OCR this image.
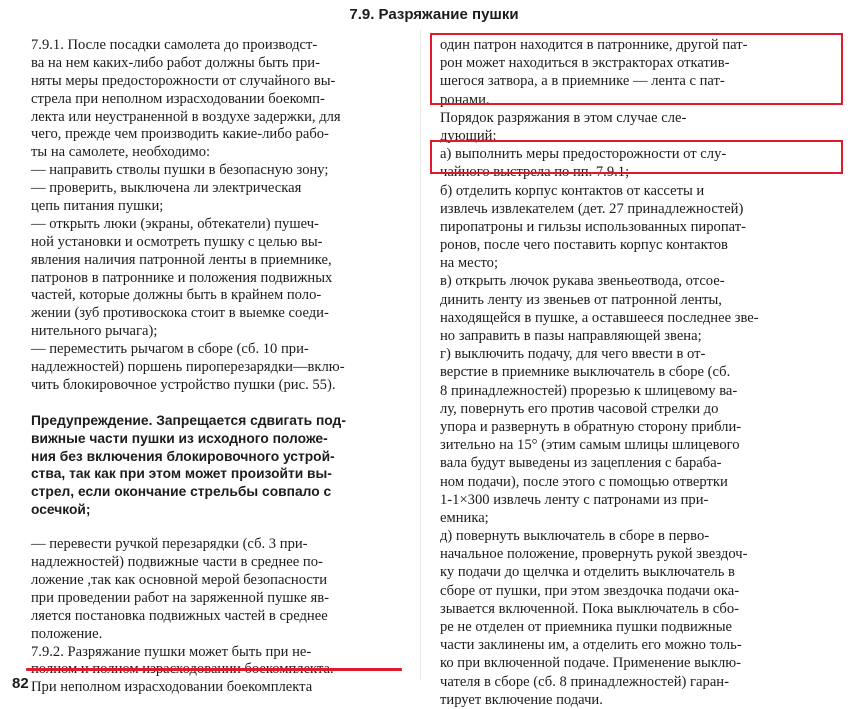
7.9. Разряжание пушки
7.9.1. После посадки самолета до производст-
ва на нем каких-либо работ должны быть при-
няты меры предосторожности от случайного вы-
стрела при неполном израсходовании боекомп-
лекта или неустраненной в воздухе задержки, для
чего, прежде чем производить какие-либо рабо-
ты на самолете, необходимо:
— направить стволы пушки в безопасную зону;
— проверить, выключена ли электрическая
цепь питания пушки;
— открыть люки (экраны, обтекатели) пушеч-
ной установки и осмотреть пушку с целью вы-
явления наличия патронной ленты в приемнике,
патронов в патроннике и положения подвижных
частей, которые должны быть в крайнем поло-
жении (зуб противоскока стоит в выемке соеди-
нительного рычага);
— переместить рычагом в сборе (сб. 10 при-
надлежностей) поршень пироперезарядки—вклю-
чить блокировочное устройство пушки (рис. 55).
Предупреждение. Запрещается сдвигать под-
вижные части пушки из исходного положе-
ния без включения блокировочного устрой-
ства, так как при этом может произойти вы-
стрел, если окончание стрельбы совпало с
осечкой;
— перевести ручкой перезарядки (сб. 3 при-
надлежностей) подвижные части в среднее по-
ложение ,так как основной мерой безопасности
при проведении работ на заряженной пушке яв-
ляется постановка подвижных частей в среднее
положение.
7.9.2. Разряжание пушки может быть при не-
При неполном израсходовании боекомплекта
один патрон находится в патроннике, другой пат-
рон может находиться в экстракторах откатив-
шегося затвора, а в приемнике — лента с пат-
ронами.
Порядок разряжания в этом случае сле-
дующий:
а) выполнить меры предосторожности от слу-
чайного выстрела по пп. 7.9.1;
б) отделить корпус контактов от кассеты и
извлечь извлекателем (дет. 27 принадлежностей)
пиропатроны и гильзы использованных пиропат-
ронов, после чего поставить корпус контактов
на место;
в) открыть лючок рукава звеньеотвода, отсое-
динить ленту из звеньев от патронной ленты,
находящейся в пушке, а оставшееся последнее зве-
но заправить в пазы направляющей звена;
г) выключить подачу, для чего ввести в от-
верстие в приемнике выключатель в сборе (сб.
8 принадлежностей) прорезью к шлицевому ва-
лу, повернуть его против часовой стрелки до
упора и развернуть в обратную сторону прибли-
зительно на 15° (этим самым шлицы шлицевого
вала будут выведены из зацепления с бараба-
ном подачи), после этого с помощью отвертки
1-1×300 извлечь ленту с патронами из при-
емника;
д) повернуть выключатель в сборе в перво-
начальное положение, провернуть рукой звездоч-
ку подачи до щелчка и отделить выключатель в
сборе от пушки, при этом звездочка подачи ока-
зывается включенной. Пока выключатель в сбо-
ре не отделен от приемника пушки подвижные
части заклинены им, а отделить его можно толь-
ко при включенной подаче. Применение выклю-
чателя в сборе (сб. 8 принадлежностей) гаран-
тирует включение подачи.
82
